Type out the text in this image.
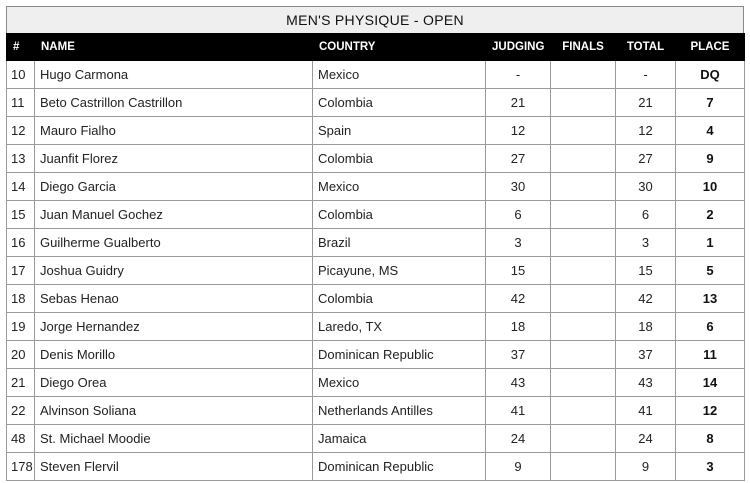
MEN'S PHYSIQUE - OPEN
#	NAME	COUNTRY	JUDGING	FINALS	TOTAL	PLACE
10	Hugo Carmona	Mexico	-		-	DQ
11	Beto Castrillon Castrillon	Colombia	21		21	7
12	Mauro Fialho	Spain	12		12	4
13	Juanfit Florez	Colombia	27		27	9
14	Diego Garcia	Mexico	30		30	10
15	Juan Manuel Gochez	Colombia	6		6	2
16	Guilherme Gualberto	Brazil	3		3	1
17	Joshua Guidry	Picayune, MS	15		15	5
18	Sebas Henao	Colombia	42		42	13
19	Jorge Hernandez	Laredo, TX	18		18	6
20	Denis Morillo	Dominican Republic	37		37	11
21	Diego Orea	Mexico	43		43	14
22	Alvinson Soliana	Netherlands Antilles	41		41	12
48	St. Michael Moodie	Jamaica	24		24	8
178	Steven Flervil	Dominican Republic	9		9	3
